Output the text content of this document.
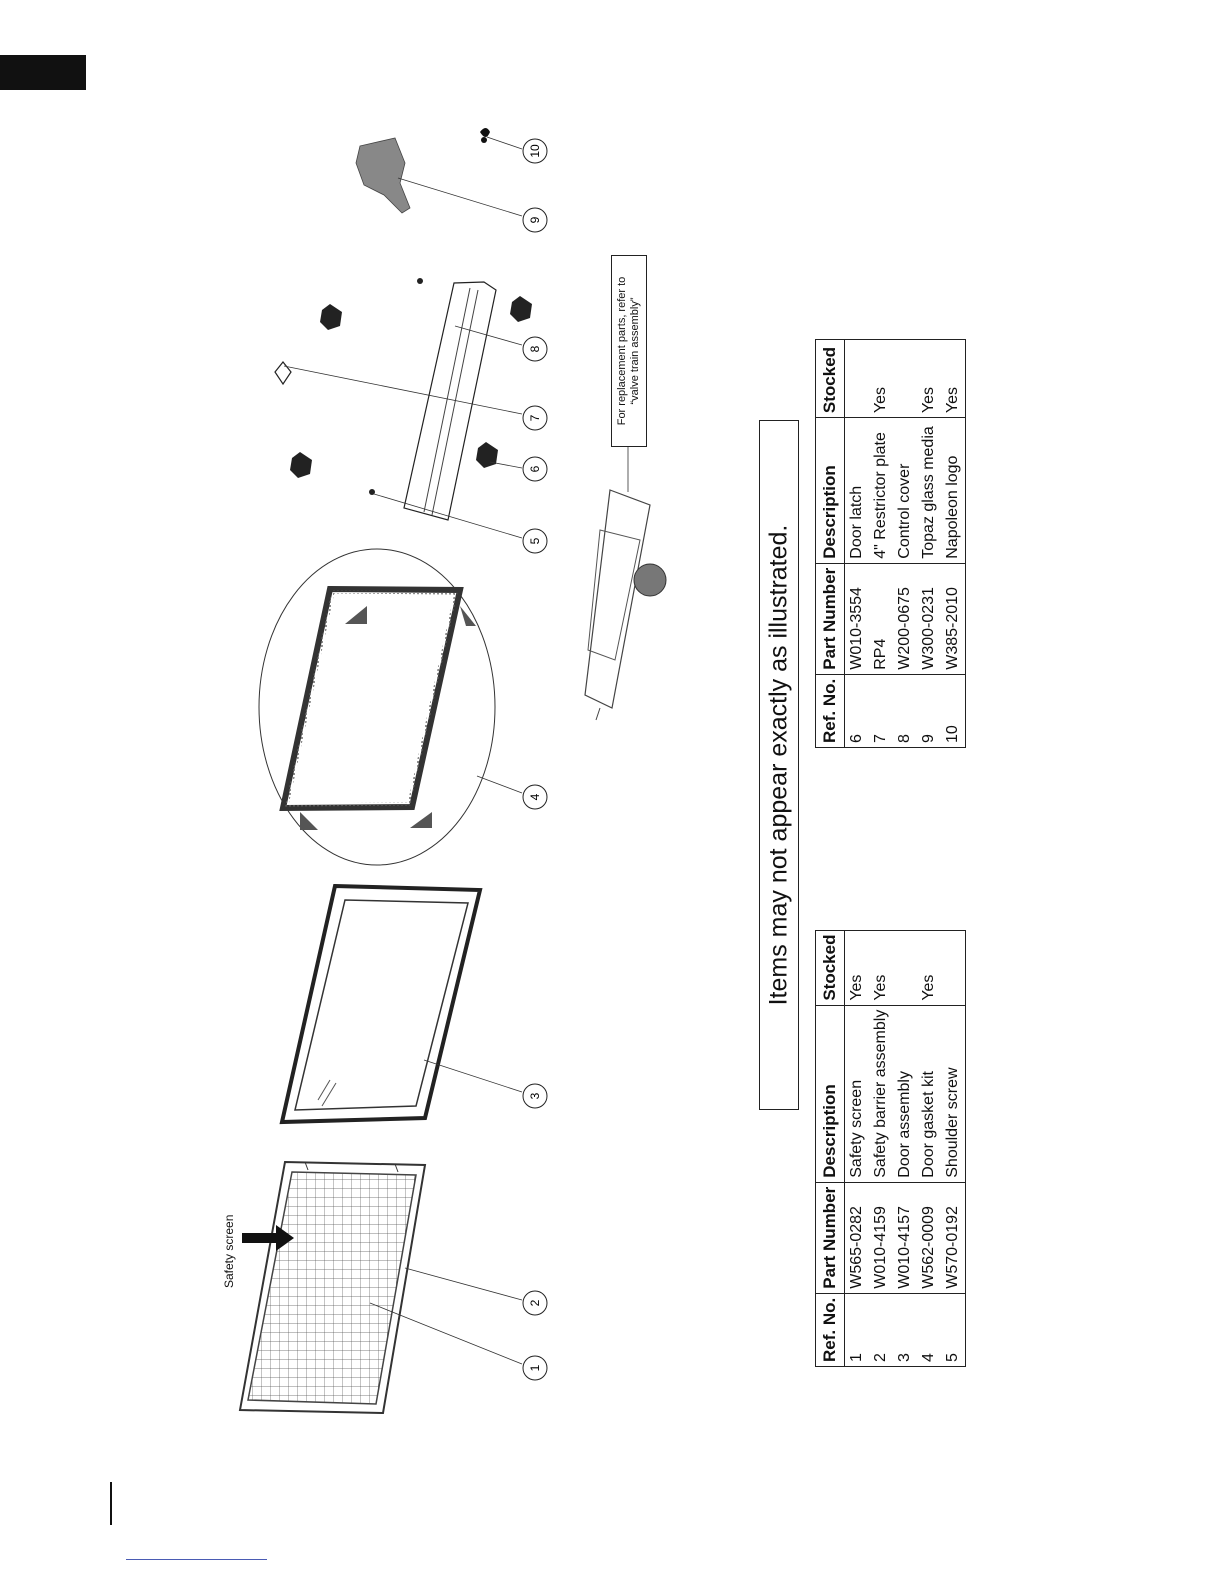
1
2
3
4
5
6
7
8
9
10
Safety screen
For replacement parts, refer to “valve train assembly”
Items may not appear exactly as illustrated.
Ref. No.	Part Number	Description	Stocked
1	W565-0282	Safety screen	Yes
2	W010-4159	Safety barrier assembly	Yes
3	W010-4157	Door assembly	
4	W562-0009	Door gasket kit	Yes
5	W570-0192	Shoulder screw	
Ref. No.	Part Number	Description	Stocked
6	W010-3554	Door latch	
7	RP4	4" Restrictor plate	Yes
8	W200-0675	Control cover	
9	W300-0231	Topaz glass media	Yes
10	W385-2010	Napoleon logo	Yes
